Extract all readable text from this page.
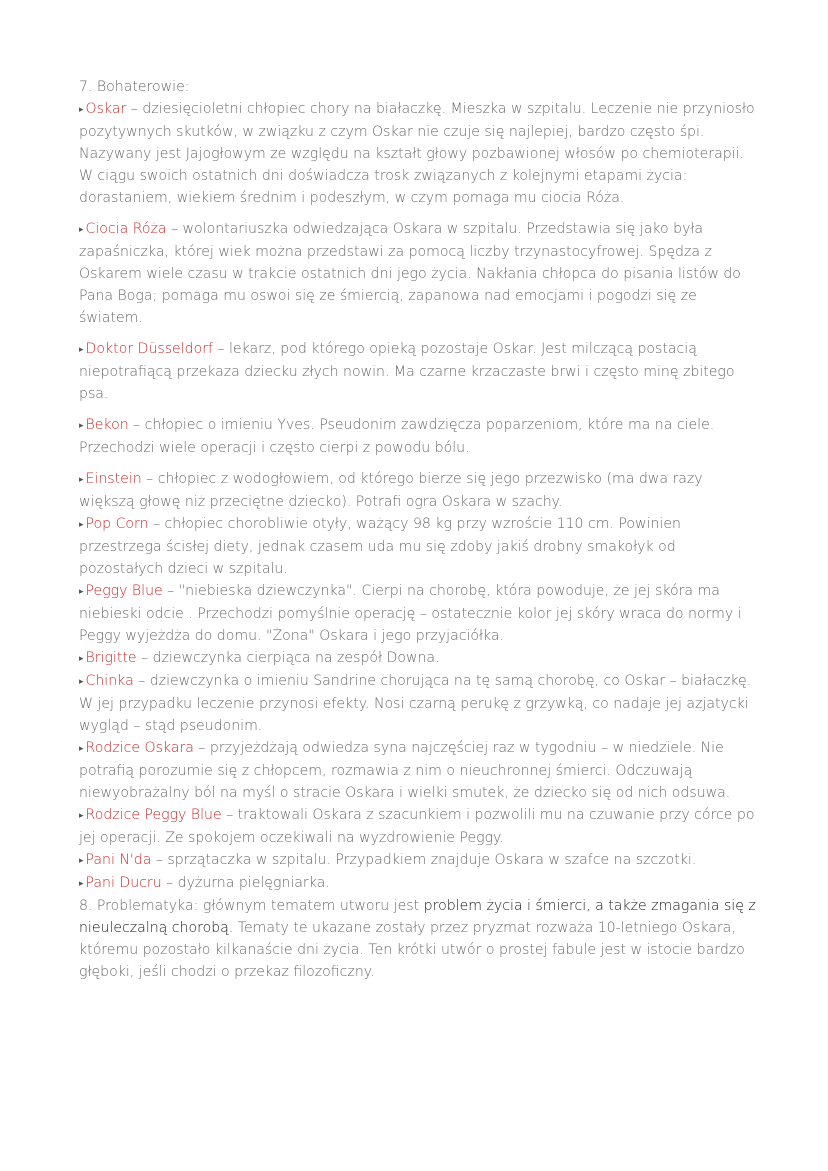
7. Bohaterowie:

▸ Oskar – dziesięcioletni chłopiec chory na białaczkę. Mieszka w szpitalu. Leczenie nie przyniosło pozytywnych skutków, w związku z czym Oskar nie czuje się najlepiej, bardzo często śpi. Nazywany jest Jajogłowym ze względu na kształt głowy pozbawionej włosów po chemioterapii. W ciągu swoich ostatnich dni doświadcza trosk związanych z kolejnymi etapami życia: dorastaniem, wiekiem średnim i podeszłym, w czym pomaga mu ciocia Róża.

▸ Ciocia Róża – wolontariuszka odwiedzająca Oskara w szpitalu. Przedstawia się jako była zapaśniczka, której wiek można przedstawi za pomocą liczby trzynastocyfrowej. Spędza z Oskarem wiele czasu w trakcie ostatnich dni jego życia. Nakłania chłopca do pisania listów do Pana Boga; pomaga mu oswoi się ze śmiercią, zapanowa nad emocjami i pogodzi się ze światem.

▸ Doktor Düsseldorf – lekarz, pod którego opieką pozostaje Oskar. Jest milczącą postacią niepotrafiącą przekaza dziecku złych nowin. Ma czarne krzaczaste brwi i często minę zbitego psa.

▸ Bekon – chłopiec o imieniu Yves. Pseudonim zawdzięcza poparzeniom, które ma na ciele. Przechodzi wiele operacji i często cierpi z powodu bólu.

▸ Einstein – chłopiec z wodogłowiem, od którego bierze się jego przezwisko (ma dwa razy większą głowę niż przeciętne dziecko). Potrafi ogra Oskara w szachy.

▸ Pop Corn – chłopiec chorobliwie otyły, ważący 98 kg przy wzroście 110 cm. Powinien przestrzega ścisłej diety, jednak czasem uda mu się zdoby jakiś drobny smakołyk od pozostałych dzieci w szpitalu.

▸ Peggy Blue – "niebieska dziewczynka". Cierpi na chorobę, która powoduje, że jej skóra ma niebieski odcie . Przechodzi pomyślnie operację – ostatecznie kolor jej skóry wraca do normy i Peggy wyjeżdża do domu. "Żona" Oskara i jego przyjaciółka.

▸ Brigitte – dziewczynka cierpiąca na zespół Downa.

▸ Chinka – dziewczynka o imieniu Sandrine chorująca na tę samą chorobę, co Oskar – białaczkę. W jej przypadku leczenie przynosi efekty. Nosi czarną perukę z grzywką, co nadaje jej azjatycki wygląd – stąd pseudonim.

▸ Rodzice Oskara – przyjeżdżają odwiedza syna najczęściej raz w tygodniu – w niedziele. Nie potrafią porozumie się z chłopcem, rozmawia z nim o nieuchronnej śmierci. Odczuwają niewyobrażalny ból na myśl o stracie Oskara i wielki smutek, że dziecko się od nich odsuwa.

▸ Rodzice Peggy Blue – traktowali Oskara z szacunkiem i pozwolili mu na czuwanie przy córce po jej operacji. Ze spokojem oczekiwali na wyzdrowienie Peggy.

▸ Pani N'da – sprzątaczka w szpitalu. Przypadkiem znajduje Oskara w szafce na szczotki.

▸ Pani Ducru – dyżurna pielęgniarka.

8. Problematyka: głównym tematem utworu jest problem życia i śmierci, a także zmagania się z nieuleczalną chorobą. Tematy te ukazane zostały przez pryzmat rozważa 10-letniego Oskara, któremu pozostało kilkanaście dni życia. Ten krótki utwór o prostej fabule jest w istocie bardzo głęboki, jeśli chodzi o przekaz filozoficzny.
